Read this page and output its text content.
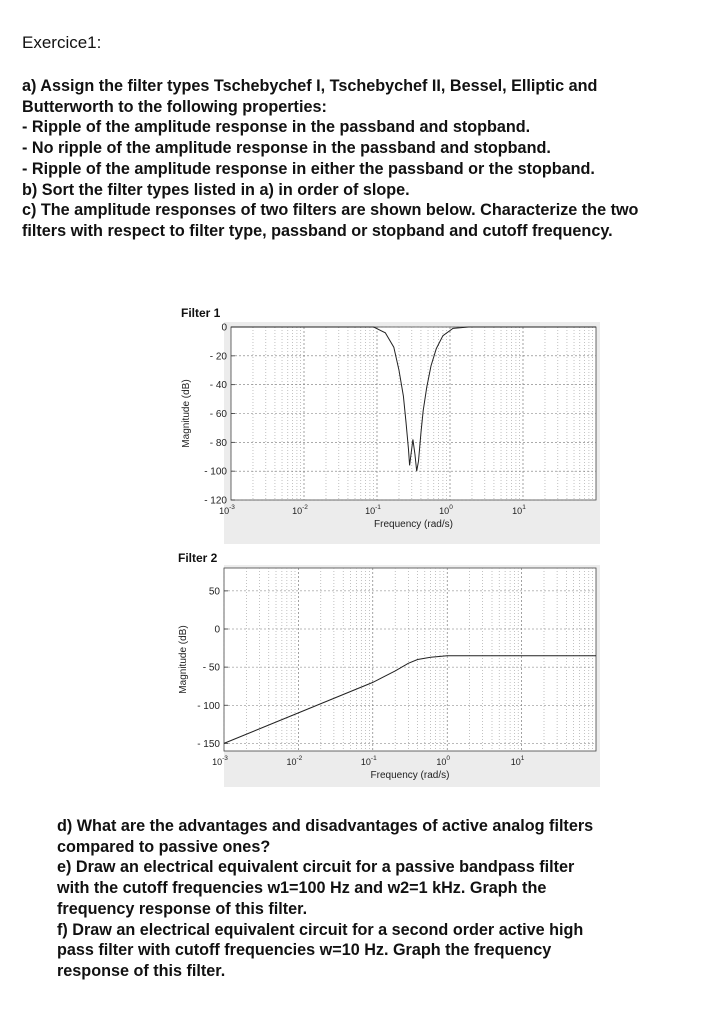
Exercice1:
a) Assign the filter types Tschebychef I, Tschebychef II, Bessel, Elliptic and
Butterworth to the following properties:
- Ripple of the amplitude response in the passband and stopband.
- No ripple of the amplitude response in the passband and stopband.
- Ripple of the amplitude response in either the passband or the stopband.
b) Sort the filter types listed in a) in order of slope.
c) The amplitude responses of two filters are shown below. Characterize the two
filters with respect to filter type, passband or stopband and cutoff frequency.
Filter 1
0
- 20
- 40
- 60
- 80
- 100
- 120
$10^{-3}$	$10^{-2}$	$10^{-1}$	$10^0$	$10^1$
Frequency (rad/s)
Magnitude (dB)
Filter 2
50
0
- 50
- 100
- 150
$10^{-3}$	$10^{-2}$	$10^{-1}$	$10^0$	$10^1$
Frequency (rad/s)
Magnitude (dB)
d) What are the advantages and disadvantages of active analog filters
compared to passive ones?
e) Draw an electrical equivalent circuit for a passive bandpass filter
with the cutoff frequencies w1=100 Hz and w2=1 kHz. Graph the
frequency response of this filter.
f) Draw an electrical equivalent circuit for a second order active high
pass filter with cutoff frequencies w=10 Hz. Graph the frequency
response of this filter.
